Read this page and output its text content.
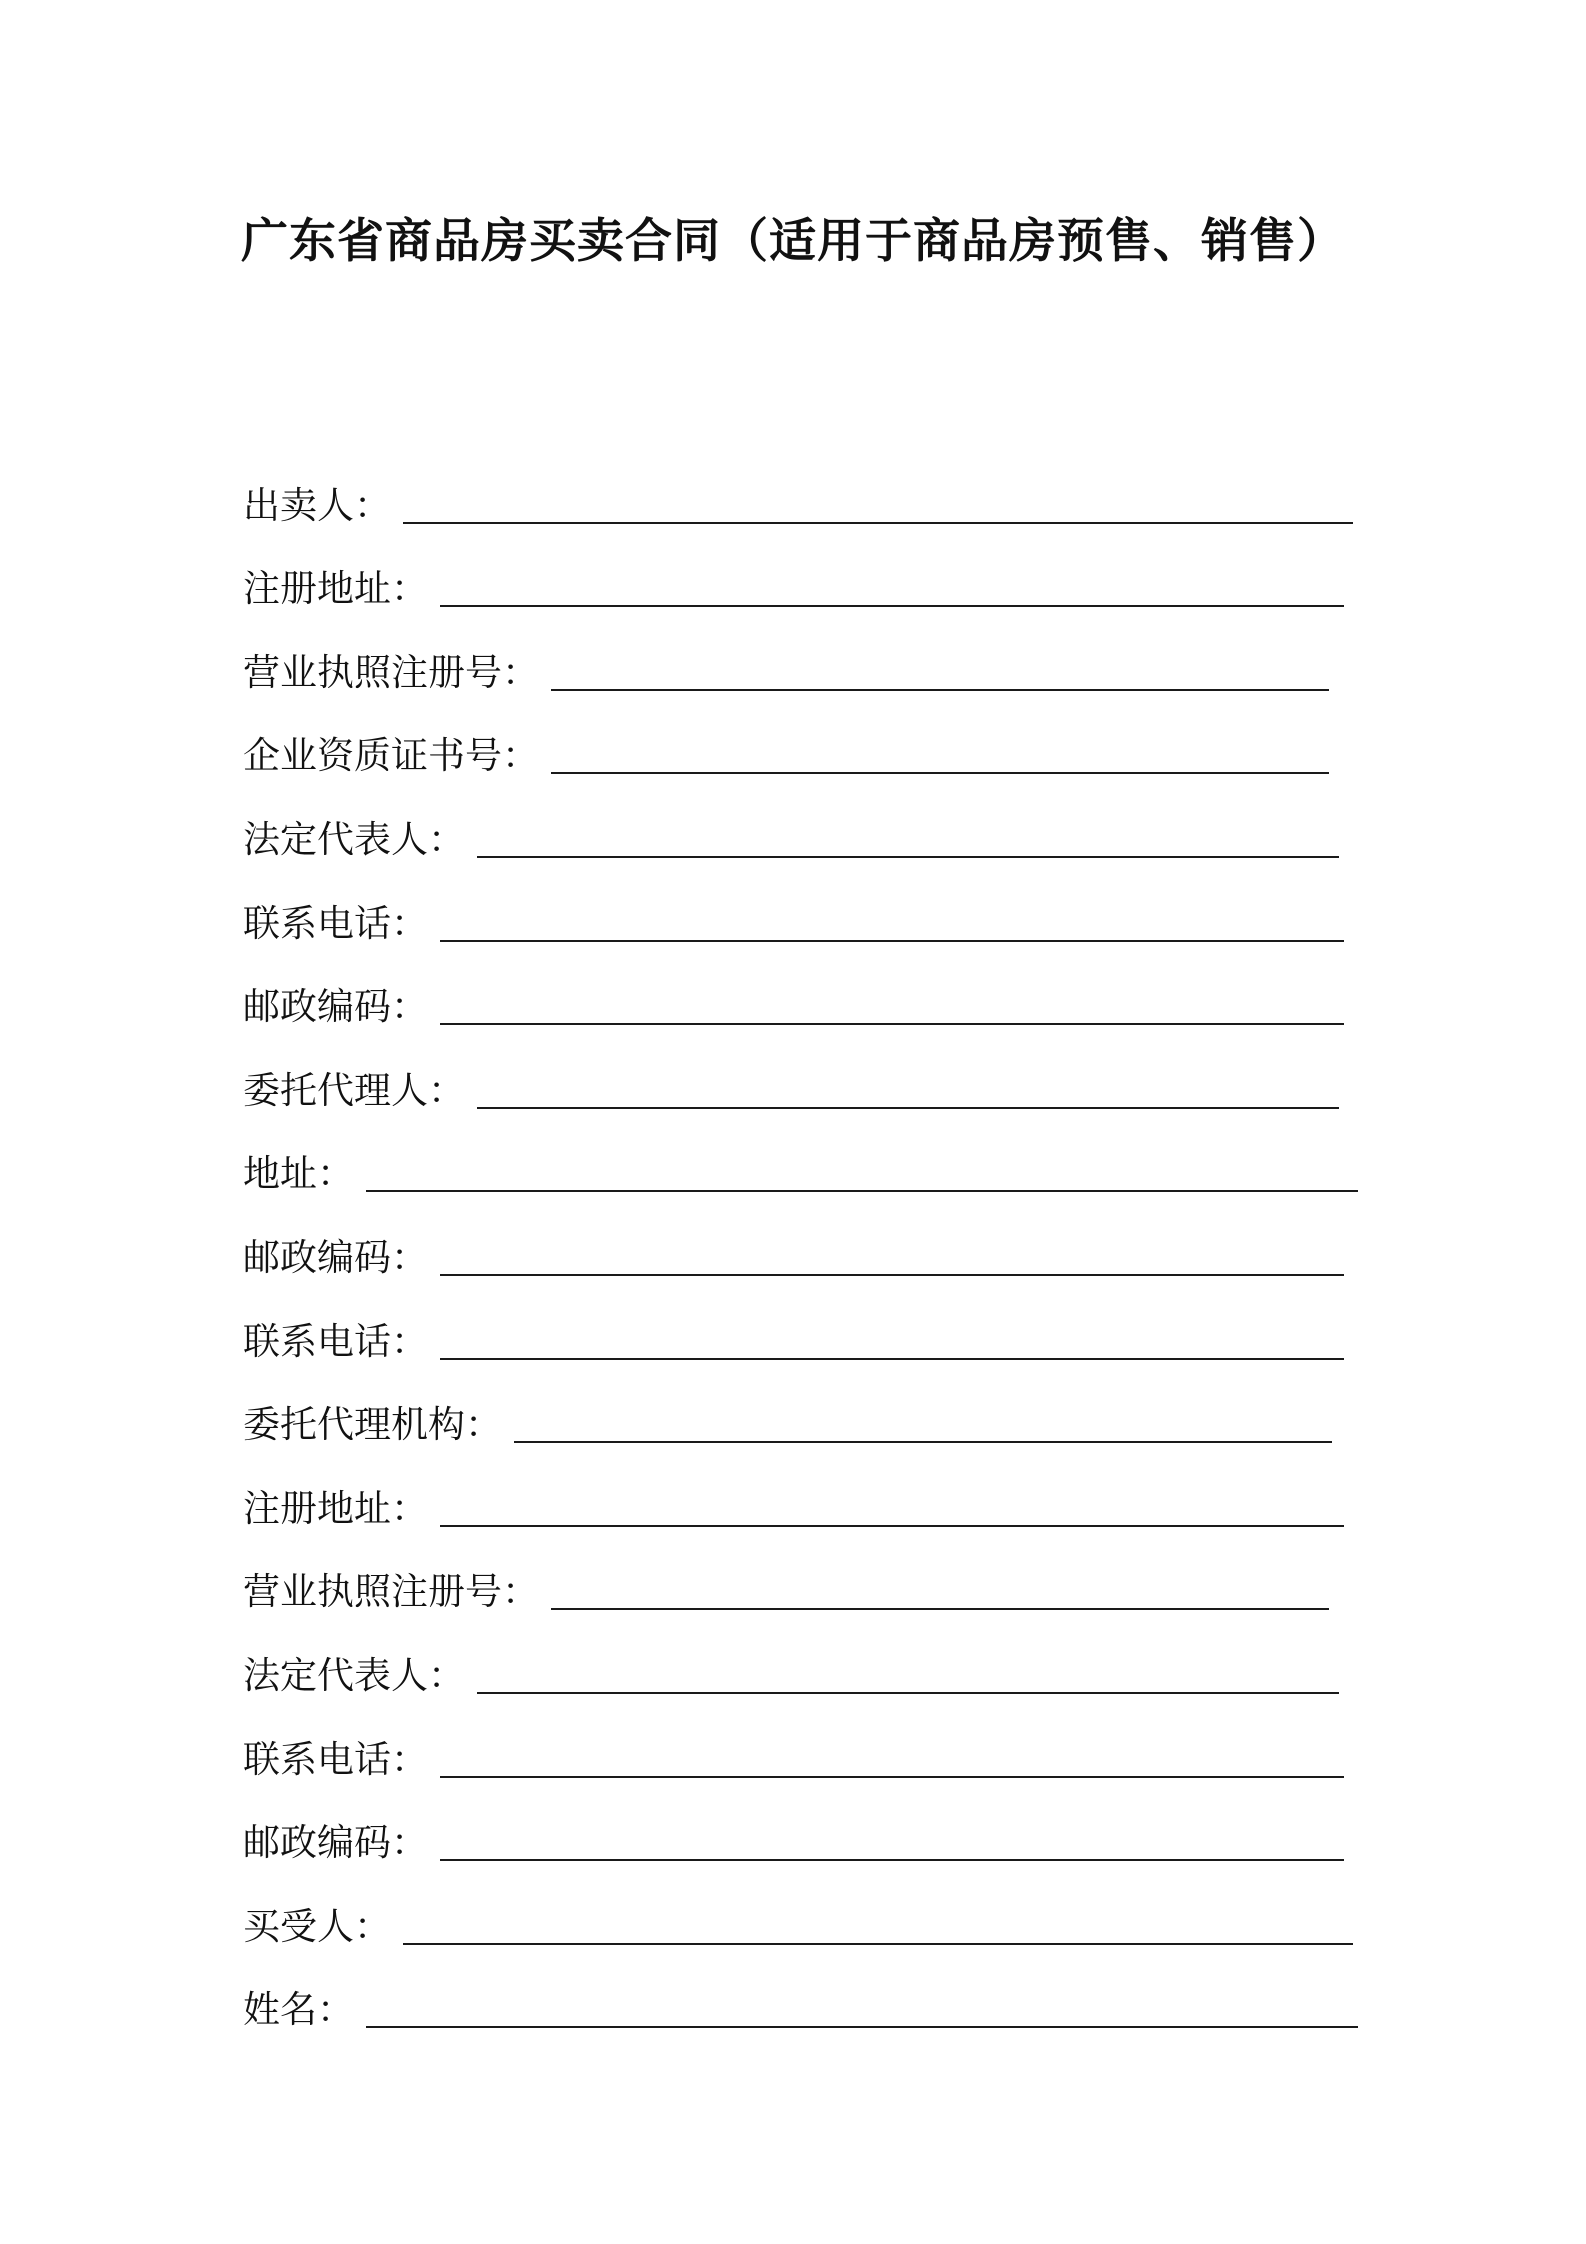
广东省商品房买卖合同（适用于商品房预售、销售）
出卖人：
注册地址：
营业执照注册号：
企业资质证书号：
法定代表人：
联系电话：
邮政编码：
委托代理人：
地址：
邮政编码：
联系电话：
委托代理机构：
注册地址：
营业执照注册号：
法定代表人：
联系电话：
邮政编码：
买受人：
姓名：
